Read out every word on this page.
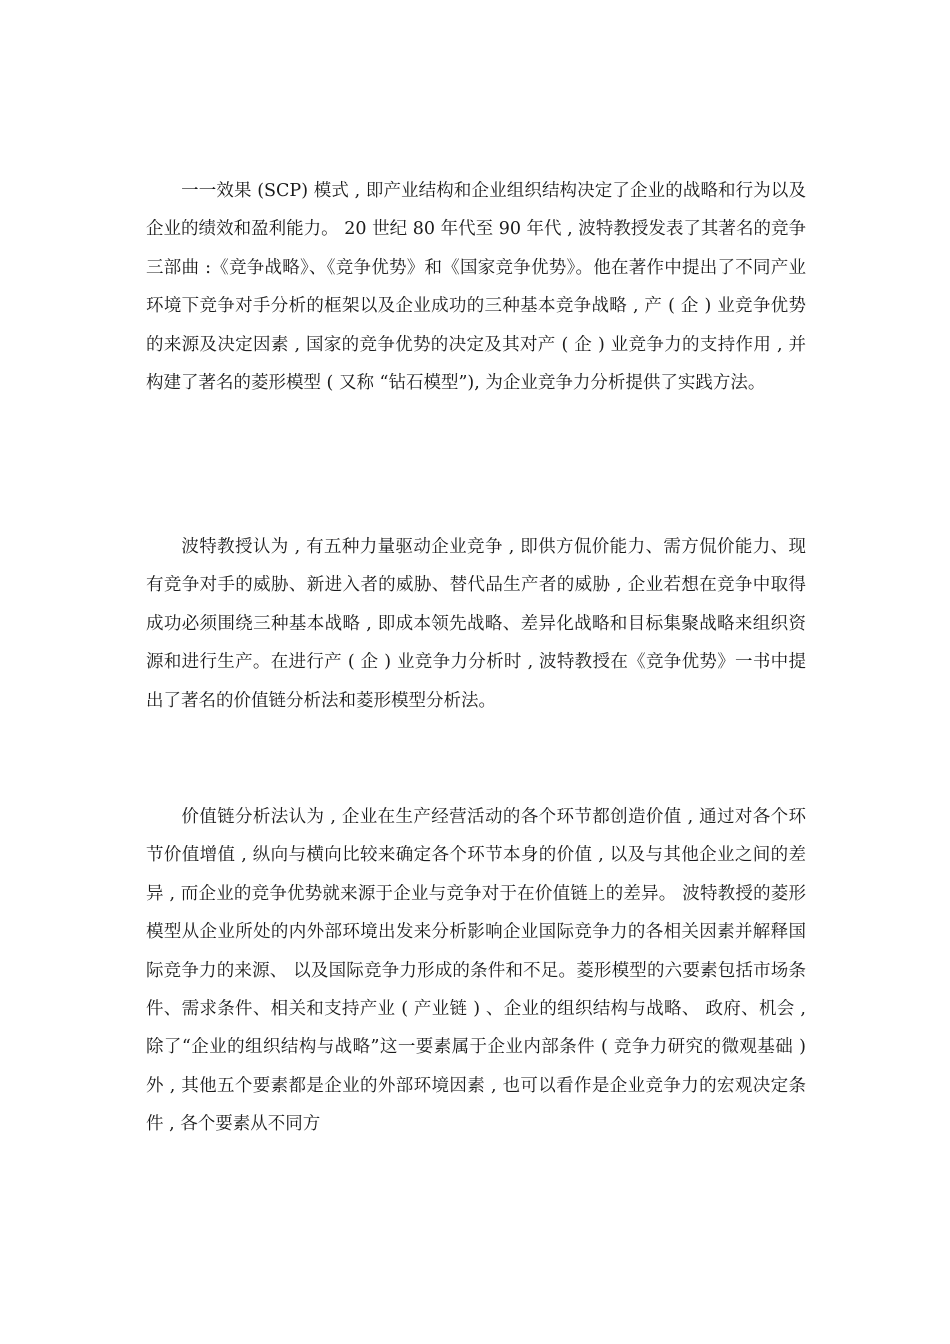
一一效果 (SCP) 模式 , 即产业结构和企业组织结构决定了企业的战略和行为以及企业的绩效和盈利能力。 20 世纪 80 年代至 90 年代 , 波特教授发表了其著名的竞争三部曲 :《竞争战略》、《竞争优势》和《国家竞争优势》。他在著作中提出了不同产业环境下竞争对手分析的框架以及企业成功的三种基本竞争战略 , 产 ( 企 ) 业竞争优势的来源及决定因素 , 国家的竞争优势的决定及其对产 ( 企 ) 业竞争力的支持作用 , 并构建了著名的菱形模型 ( 又称 “钻石模型”), 为企业竞争力分析提供了实践方法。

波特教授认为 , 有五种力量驱动企业竞争 , 即供方侃价能力、需方侃价能力、现有竞争对手的威胁、新进入者的威胁、替代品生产者的威胁 , 企业若想在竞争中取得成功必须围绕三种基本战略 , 即成本领先战略、差异化战略和目标集聚战略来组织资源和进行生产。在进行产 ( 企 ) 业竞争力分析时 , 波特教授在《竞争优势》一书中提出了著名的价值链分析法和菱形模型分析法。

价值链分析法认为 , 企业在生产经营活动的各个环节都创造价值 , 通过对各个环节价值增值 , 纵向与横向比较来确定各个环节本身的价值 , 以及与其他企业之间的差异 , 而企业的竞争优势就来源于企业与竞争对于在价值链上的差异。 波特教授的菱形模型从企业所处的内外部环境出发来分析影响企业国际竞争力的各相关因素并解释国际竞争力的来源、 以及国际竞争力形成的条件和不足。菱形模型的六要素包括市场条件、需求条件、相关和支持产业 ( 产业链 ) 、企业的组织结构与战略、 政府、机会 , 除了“企业的组织结构与战略”这一要素属于企业内部条件 ( 竞争力研究的微观基础 ) 外 , 其他五个要素都是企业的外部环境因素 , 也可以看作是企业竞争力的宏观决定条件 , 各个要素从不同方
